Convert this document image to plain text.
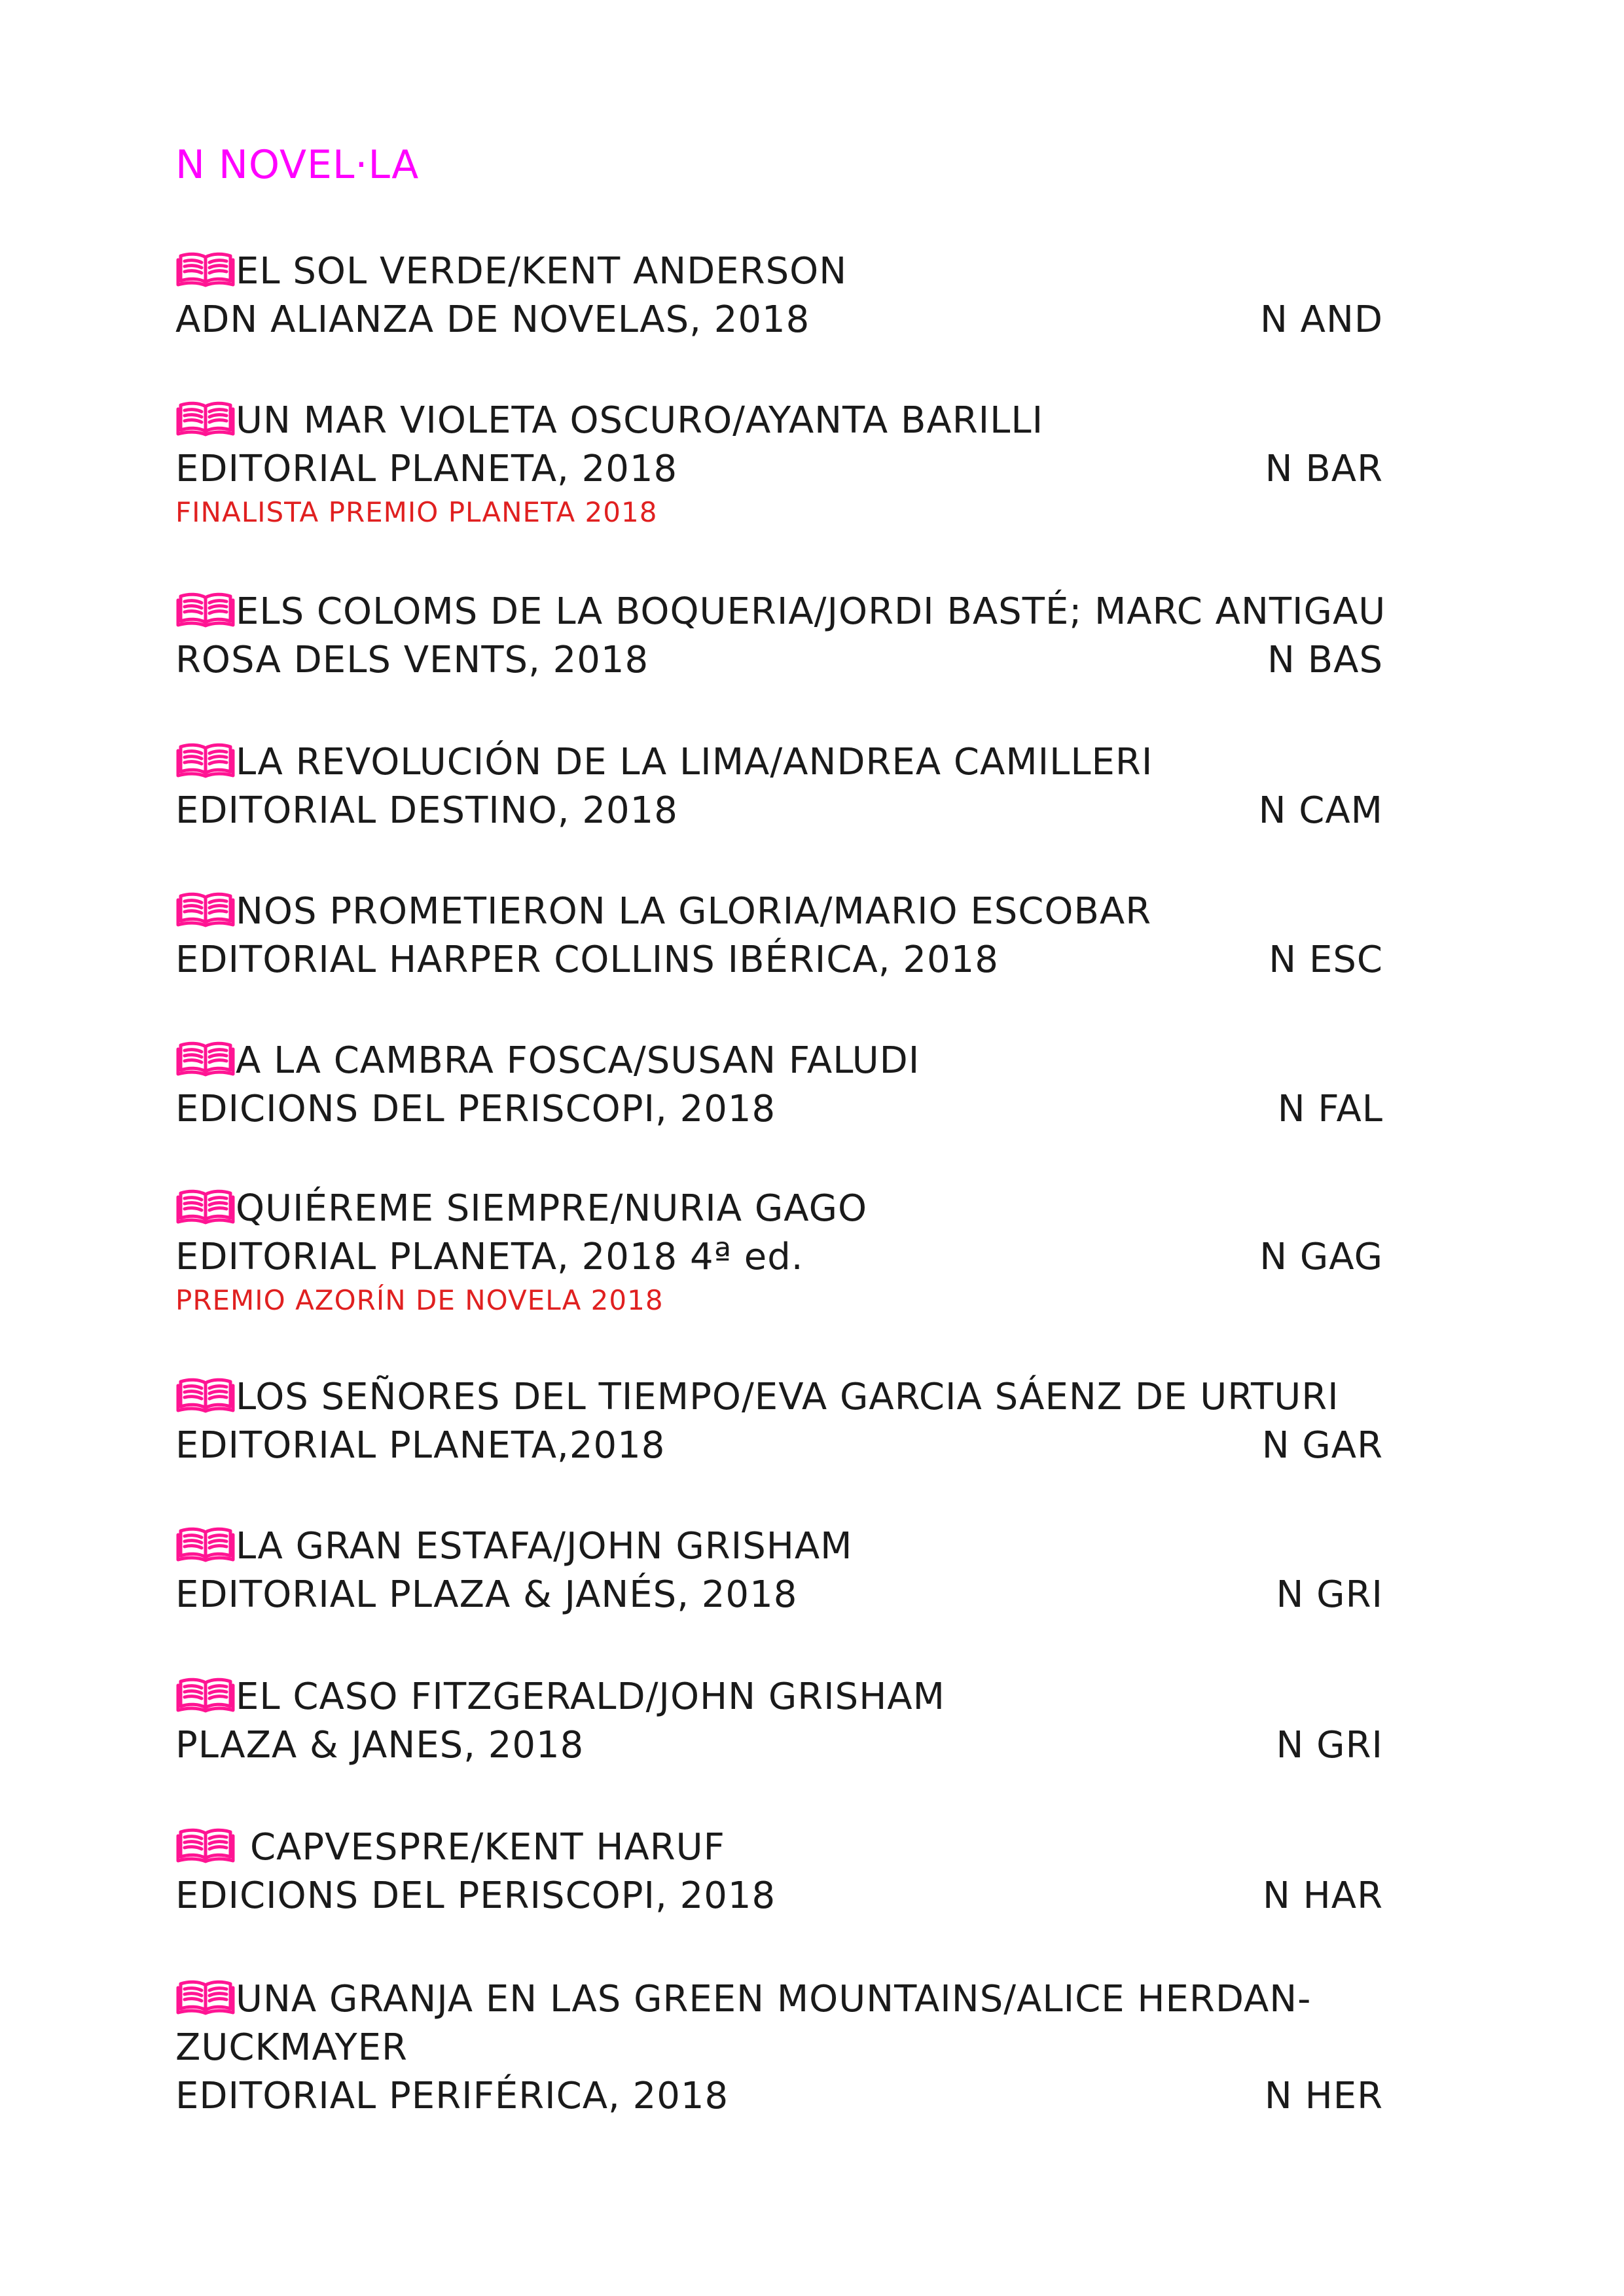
N NOVEL·LA
EL SOL VERDE/KENT ANDERSON
ADN ALIANZA DE NOVELAS, 2018	N AND
UN MAR VIOLETA OSCURO/AYANTA BARILLI
EDITORIAL PLANETA, 2018	N BAR
FINALISTA PREMIO PLANETA 2018
ELS COLOMS DE LA BOQUERIA/JORDI BASTÉ; MARC ANTIGAU
ROSA DELS VENTS, 2018	N BAS
LA REVOLUCIÓN DE LA LIMA/ANDREA CAMILLERI
EDITORIAL DESTINO, 2018	N CAM
NOS PROMETIERON LA GLORIA/MARIO ESCOBAR
EDITORIAL HARPER COLLINS IBÉRICA, 2018	N ESC
A LA CAMBRA FOSCA/SUSAN FALUDI
EDICIONS DEL PERISCOPI, 2018	N FAL
QUIÉREME SIEMPRE/NURIA GAGO
EDITORIAL PLANETA, 2018 4ª ed.	N GAG
PREMIO AZORÍN DE NOVELA 2018
LOS SEÑORES DEL TIEMPO/EVA GARCIA SÁENZ DE URTURI
EDITORIAL PLANETA,2018	N GAR
LA GRAN ESTAFA/JOHN GRISHAM
EDITORIAL PLAZA & JANÉS, 2018	N GRI
EL CASO FITZGERALD/JOHN GRISHAM
PLAZA & JANES, 2018	N GRI
CAPVESPRE/KENT HARUF
EDICIONS DEL PERISCOPI, 2018	N HAR
UNA GRANJA EN LAS GREEN MOUNTAINS/ALICE HERDAN-
ZUCKMAYER
EDITORIAL PERIFÉRICA, 2018	N HER
